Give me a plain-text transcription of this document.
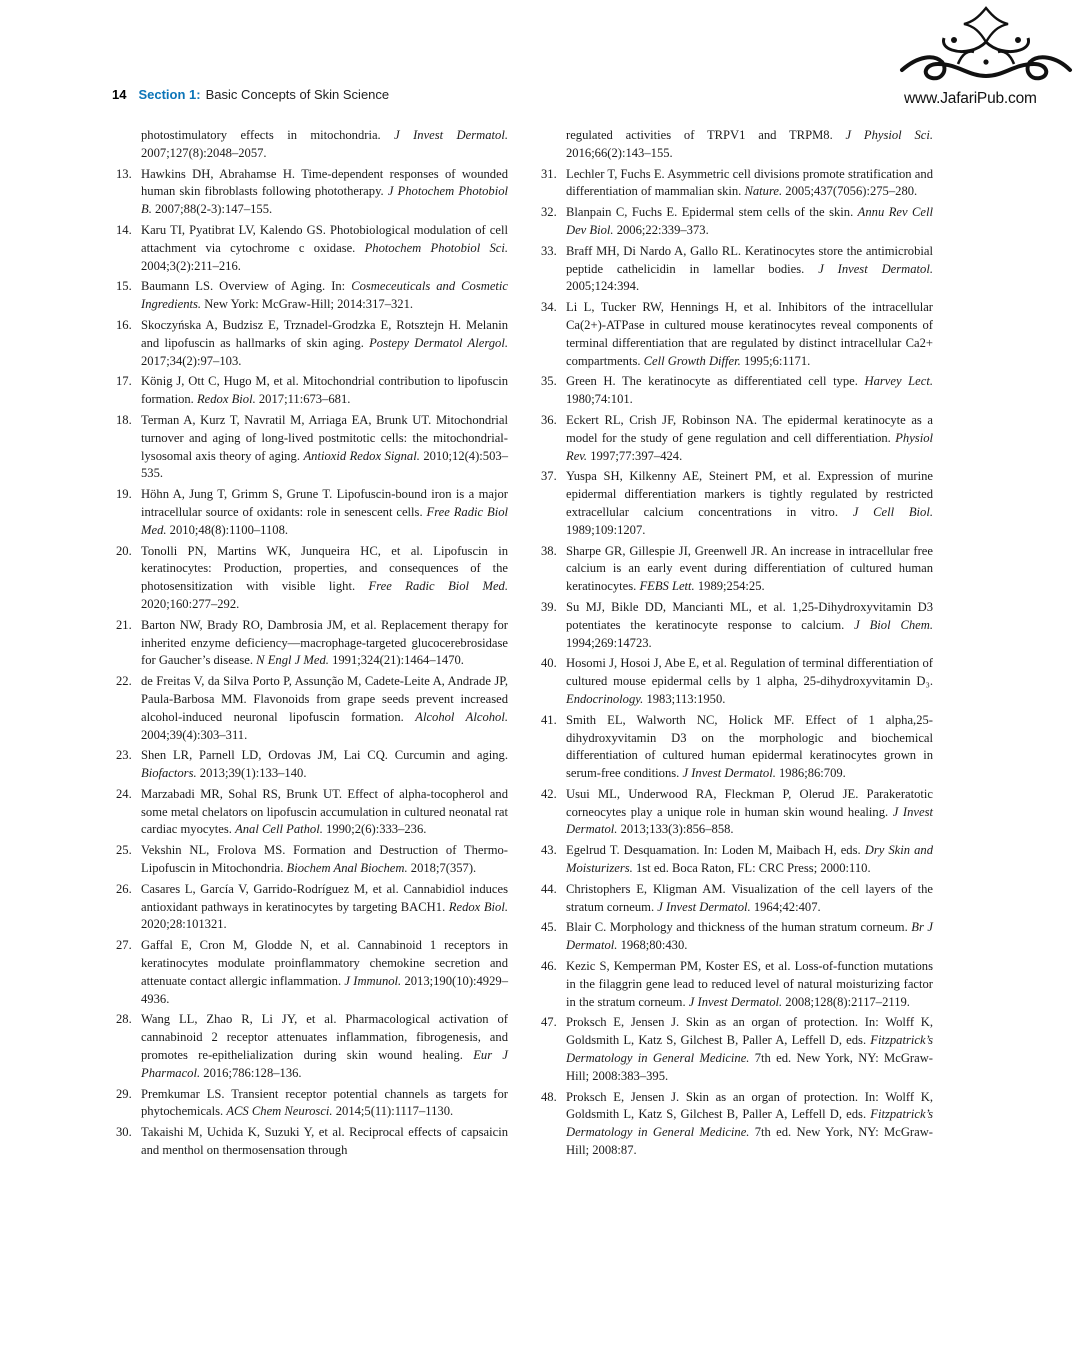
14 Section 1: Basic Concepts of Skin Science	www.JafariPub.com
photostimulatory effects in mitochondria. J Invest Dermatol. 2007;127(8):2048–2057.
13. Hawkins DH, Abrahamse H. Time-dependent responses of wounded human skin fibroblasts following phototherapy. J Photochem Photobiol B. 2007;88(2-3):147–155.
14. Karu TI, Pyatibrat LV, Kalendo GS. Photobiological modulation of cell attachment via cytochrome c oxidase. Photochem Photobiol Sci. 2004;3(2):211–216.
15. Baumann LS. Overview of Aging. In: Cosmeceuticals and Cosmetic Ingredients. New York: McGraw-Hill; 2014:317–321.
16. Skoczyńska A, Budzisz E, Trznadel-Grodzka E, Rotsztejn H. Melanin and lipofuscin as hallmarks of skin aging. Postepy Dermatol Alergol. 2017;34(2):97–103.
17. König J, Ott C, Hugo M, et al. Mitochondrial contribution to lipofuscin formation. Redox Biol. 2017;11:673–681.
18. Terman A, Kurz T, Navratil M, Arriaga EA, Brunk UT. Mitochondrial turnover and aging of long-lived postmitotic cells: the mitochondrial-lysosomal axis theory of aging. Antioxid Redox Signal. 2010;12(4):503–535.
19. Höhn A, Jung T, Grimm S, Grune T. Lipofuscin-bound iron is a major intracellular source of oxidants: role in senescent cells. Free Radic Biol Med. 2010;48(8):1100–1108.
20. Tonolli PN, Martins WK, Junqueira HC, et al. Lipofuscin in keratinocytes: Production, properties, and consequences of the photosensitization with visible light. Free Radic Biol Med. 2020;160:277–292.
21. Barton NW, Brady RO, Dambrosia JM, et al. Replacement therapy for inherited enzyme deficiency—macrophage-targeted glucocerebrosidase for Gaucher’s disease. N Engl J Med. 1991;324(21):1464–1470.
22. de Freitas V, da Silva Porto P, Assunção M, Cadete-Leite A, Andrade JP, Paula-Barbosa MM. Flavonoids from grape seeds prevent increased alcohol-induced neuronal lipofuscin formation. Alcohol Alcohol. 2004;39(4):303–311.
23. Shen LR, Parnell LD, Ordovas JM, Lai CQ. Curcumin and aging. Biofactors. 2013;39(1):133–140.
24. Marzabadi MR, Sohal RS, Brunk UT. Effect of alpha-tocopherol and some metal chelators on lipofuscin accumulation in cultured neonatal rat cardiac myocytes. Anal Cell Pathol. 1990;2(6):333–236.
25. Vekshin NL, Frolova MS. Formation and Destruction of Thermo-Lipofuscin in Mitochondria. Biochem Anal Biochem. 2018;7(357).
26. Casares L, García V, Garrido-Rodríguez M, et al. Cannabidiol induces antioxidant pathways in keratinocytes by targeting BACH1. Redox Biol. 2020;28:101321.
27. Gaffal E, Cron M, Glodde N, et al. Cannabinoid 1 receptors in keratinocytes modulate proinflammatory chemokine secretion and attenuate contact allergic inflammation. J Immunol. 2013;190(10):4929–4936.
28. Wang LL, Zhao R, Li JY, et al. Pharmacological activation of cannabinoid 2 receptor attenuates inflammation, fibrogenesis, and promotes re-epithelialization during skin wound healing. Eur J Pharmacol. 2016;786:128–136.
29. Premkumar LS. Transient receptor potential channels as targets for phytochemicals. ACS Chem Neurosci. 2014;5(11):1117–1130.
30. Takaishi M, Uchida K, Suzuki Y, et al. Reciprocal effects of capsaicin and menthol on thermosensation through
regulated activities of TRPV1 and TRPM8. J Physiol Sci. 2016;66(2):143–155.
31. Lechler T, Fuchs E. Asymmetric cell divisions promote stratification and differentiation of mammalian skin. Nature. 2005;437(7056):275–280.
32. Blanpain C, Fuchs E. Epidermal stem cells of the skin. Annu Rev Cell Dev Biol. 2006;22:339–373.
33. Braff MH, Di Nardo A, Gallo RL. Keratinocytes store the antimicrobial peptide cathelicidin in lamellar bodies. J Invest Dermatol. 2005;124:394.
34. Li L, Tucker RW, Hennings H, et al. Inhibitors of the intracellular Ca(2+)-ATPase in cultured mouse keratinocytes reveal components of terminal differentiation that are regulated by distinct intracellular Ca2+ compartments. Cell Growth Differ. 1995;6:1171.
35. Green H. The keratinocyte as differentiated cell type. Harvey Lect. 1980;74:101.
36. Eckert RL, Crish JF, Robinson NA. The epidermal keratinocyte as a model for the study of gene regulation and cell differentiation. Physiol Rev. 1997;77:397–424.
37. Yuspa SH, Kilkenny AE, Steinert PM, et al. Expression of murine epidermal differentiation markers is tightly regulated by restricted extracellular calcium concentrations in vitro. J Cell Biol. 1989;109:1207.
38. Sharpe GR, Gillespie JI, Greenwell JR. An increase in intracellular free calcium is an early event during differentiation of cultured human keratinocytes. FEBS Lett. 1989;254:25.
39. Su MJ, Bikle DD, Mancianti ML, et al. 1,25-Dihydroxyvitamin D3 potentiates the keratinocyte response to calcium. J Biol Chem. 1994;269:14723.
40. Hosomi J, Hosoi J, Abe E, et al. Regulation of terminal differentiation of cultured mouse epidermal cells by 1 alpha, 25-dihydroxyvitamin D₃. Endocrinology. 1983;113:1950.
41. Smith EL, Walworth NC, Holick MF. Effect of 1 alpha,25-dihydroxyvitamin D3 on the morphologic and biochemical differentiation of cultured human epidermal keratinocytes grown in serum-free conditions. J Invest Dermatol. 1986;86:709.
42. Usui ML, Underwood RA, Fleckman P, Olerud JE. Parakeratotic corneocytes play a unique role in human skin wound healing. J Invest Dermatol. 2013;133(3):856–858.
43. Egelrud T. Desquamation. In: Loden M, Maibach H, eds. Dry Skin and Moisturizers. 1st ed. Boca Raton, FL: CRC Press; 2000:110.
44. Christophers E, Kligman AM. Visualization of the cell layers of the stratum corneum. J Invest Dermatol. 1964;42:407.
45. Blair C. Morphology and thickness of the human stratum corneum. Br J Dermatol. 1968;80:430.
46. Kezic S, Kemperman PM, Koster ES, et al. Loss-of-function mutations in the filaggrin gene lead to reduced level of natural moisturizing factor in the stratum corneum. J Invest Dermatol. 2008;128(8):2117–2119.
47. Proksch E, Jensen J. Skin as an organ of protection. In: Wolff K, Goldsmith L, Katz S, Gilchest B, Paller A, Leffell D, eds. Fitzpatrick’s Dermatology in General Medicine. 7th ed. New York, NY: McGraw-Hill; 2008:383–395.
48. Proksch E, Jensen J. Skin as an organ of protection. In: Wolff K, Goldsmith L, Katz S, Gilchest B, Paller A, Leffell D, eds. Fitzpatrick’s Dermatology in General Medicine. 7th ed. New York, NY: McGraw-Hill; 2008:87.
